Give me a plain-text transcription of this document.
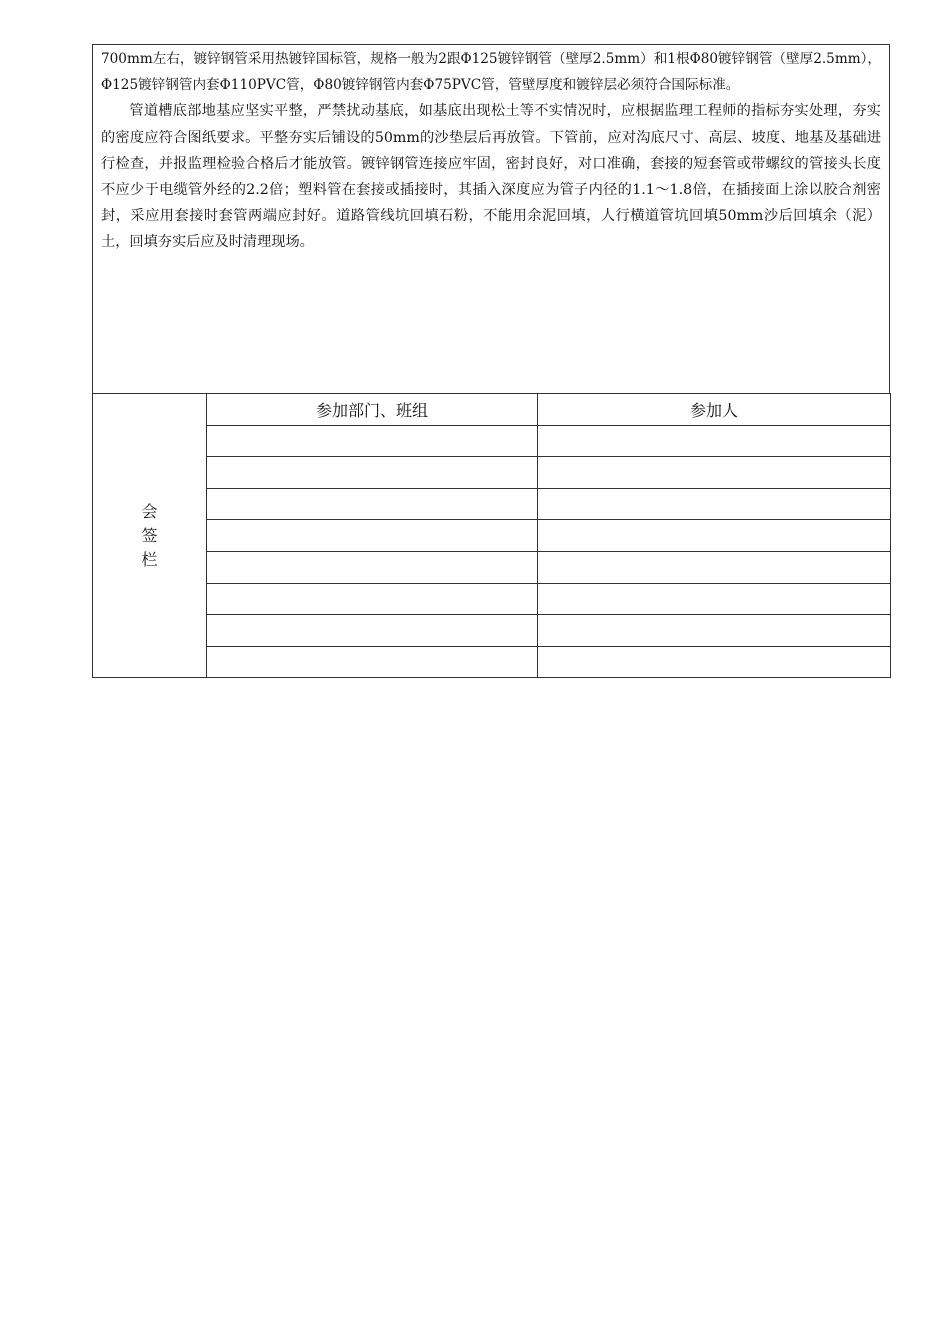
700mm左右，镀锌钢管采用热镀锌国标管，规格一般为2跟Φ125镀锌钢管（壁厚2.5mm）和1根Φ80镀锌钢管（壁厚2.5mm），Φ125镀锌钢管内套Φ110PVC管，Φ80镀锌钢管内套Φ75PVC管，管壁厚度和镀锌层必须符合国际标准。

管道槽底部地基应坚实平整，严禁扰动基底，如基底出现松土等不实情况时，应根据监理工程师的指标夯实处理，夯实的密度应符合图纸要求。平整夯实后铺设的50mm的沙垫层后再放管。下管前，应对沟底尺寸、高层、坡度、地基及基础进行检查，并报监理检验合格后才能放管。镀锌钢管连接应牢固，密封良好，对口准确，套接的短套管或带螺纹的管接头长度不应少于电缆管外经的2.2倍；塑料管在套接或插接时，其插入深度应为管子内径的1.1～1.8倍，在插接面上涂以胶合剂密封，采应用套接时套管两端应封好。道路管线坑回填石粉，不能用余泥回填，人行横道管坑回填50mm沙后回填余（泥）土，回填夯实后应及时清理现场。

会
签
栏	参加部门、班组	参加人
